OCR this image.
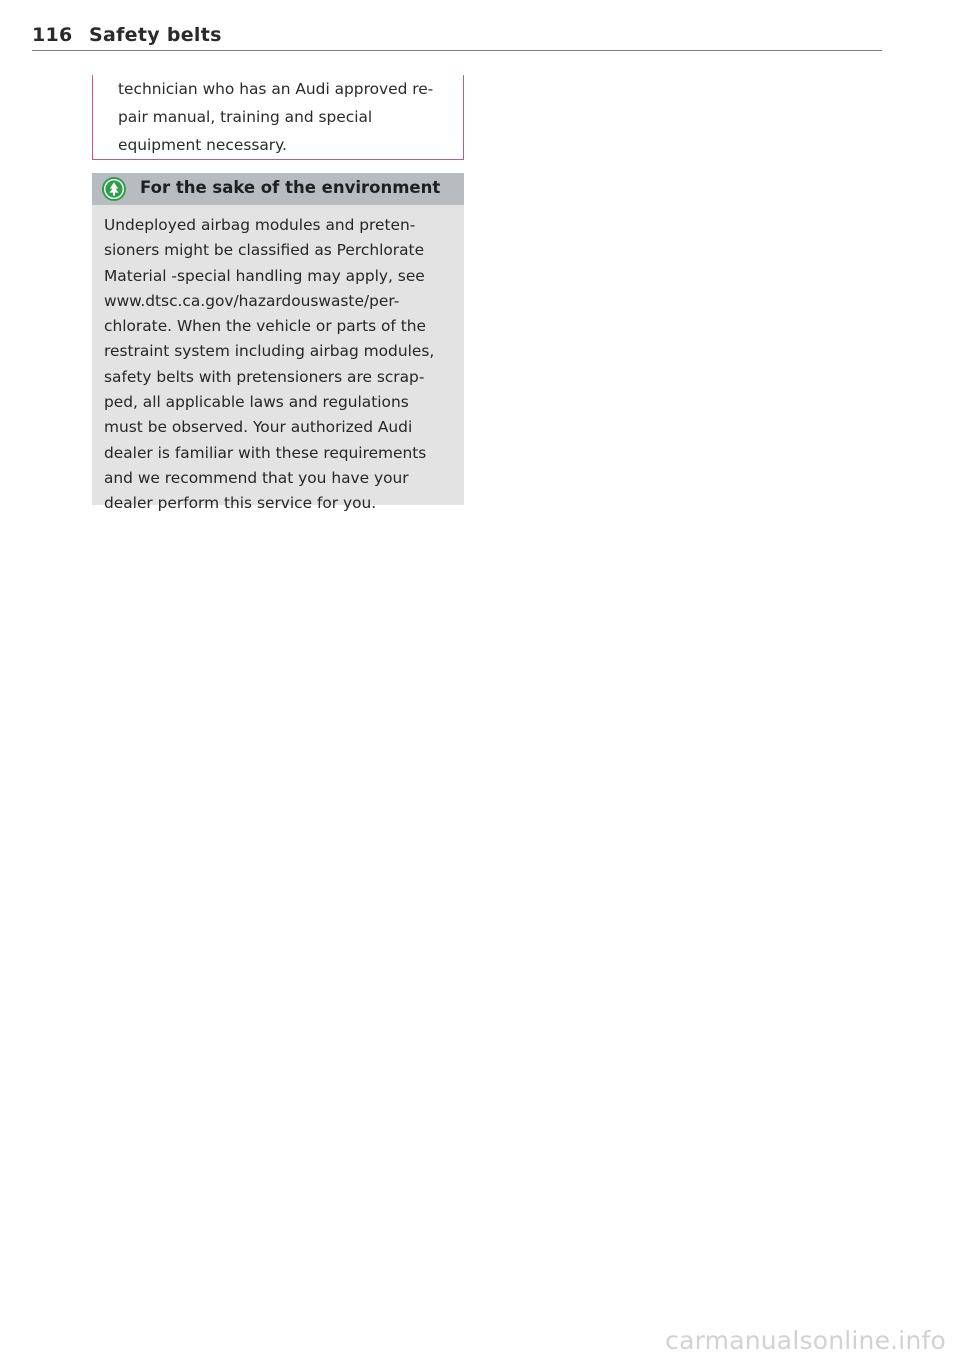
116 Safety belts

technician who has an Audi approved re-
pair manual, training and special
equipment necessary.

For the sake of the environment

Undeployed airbag modules and preten-
sioners might be classified as Perchlorate
Material -special handling may apply, see
www.dtsc.ca.gov/hazardouswaste/per-
chlorate. When the vehicle or parts of the
restraint system including airbag modules,
safety belts with pretensioners are scrap-
ped, all applicable laws and regulations
must be observed. Your authorized Audi
dealer is familiar with these requirements
and we recommend that you have your
dealer perform this service for you.

carmanualsonline.info
